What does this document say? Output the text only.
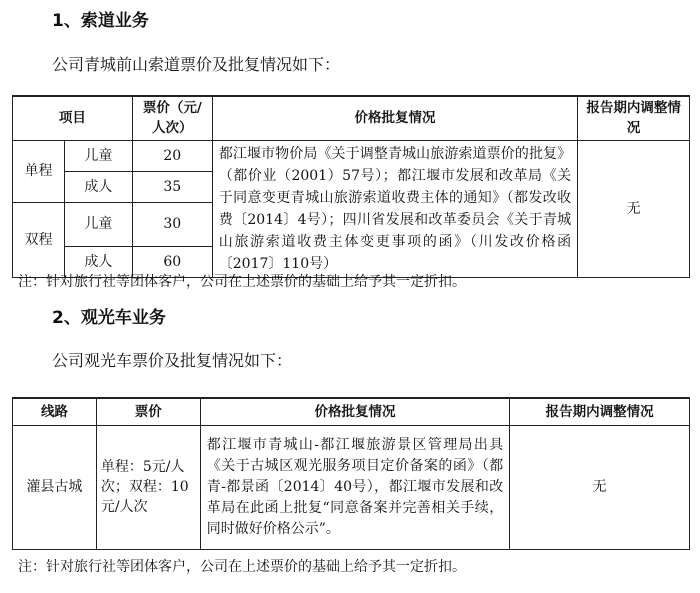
1、索道业务
公司青城前山索道票价及批复情况如下：
项目		票价（元/人次）	价格批复情况	报告期内调整情况
单程	儿童	20	都江堰市物价局《关于调整青城山旅游索道票价的批复》（都价业（2001）57号）；都江堰市发展和改革局《关于同意变更青城山旅游索道收费主体的通知》（都发改收费〔2014〕4号）；四川省发展和改革委员会《关于青城山旅游索道收费主体变更事项的函》（川发改价格函〔2017〕110号）	无
	成人	35		
双程	儿童	30		
	成人	60		
注：针对旅行社等团体客户，公司在上述票价的基础上给予其一定折扣。
2、观光车业务
公司观光车票价及批复情况如下：
线路	票价	价格批复情况	报告期内调整情况
灌县古城	单程：5元/人次；双程：10元/人次	都江堰市青城山-都江堰旅游景区管理局出具《关于古城区观光服务项目定价备案的函》（都青-都景函〔2014〕40号），都江堰市发展和改革局在此函上批复“同意备案并完善相关手续，同时做好价格公示”。	无
注：针对旅行社等团体客户，公司在上述票价的基础上给予其一定折扣。
